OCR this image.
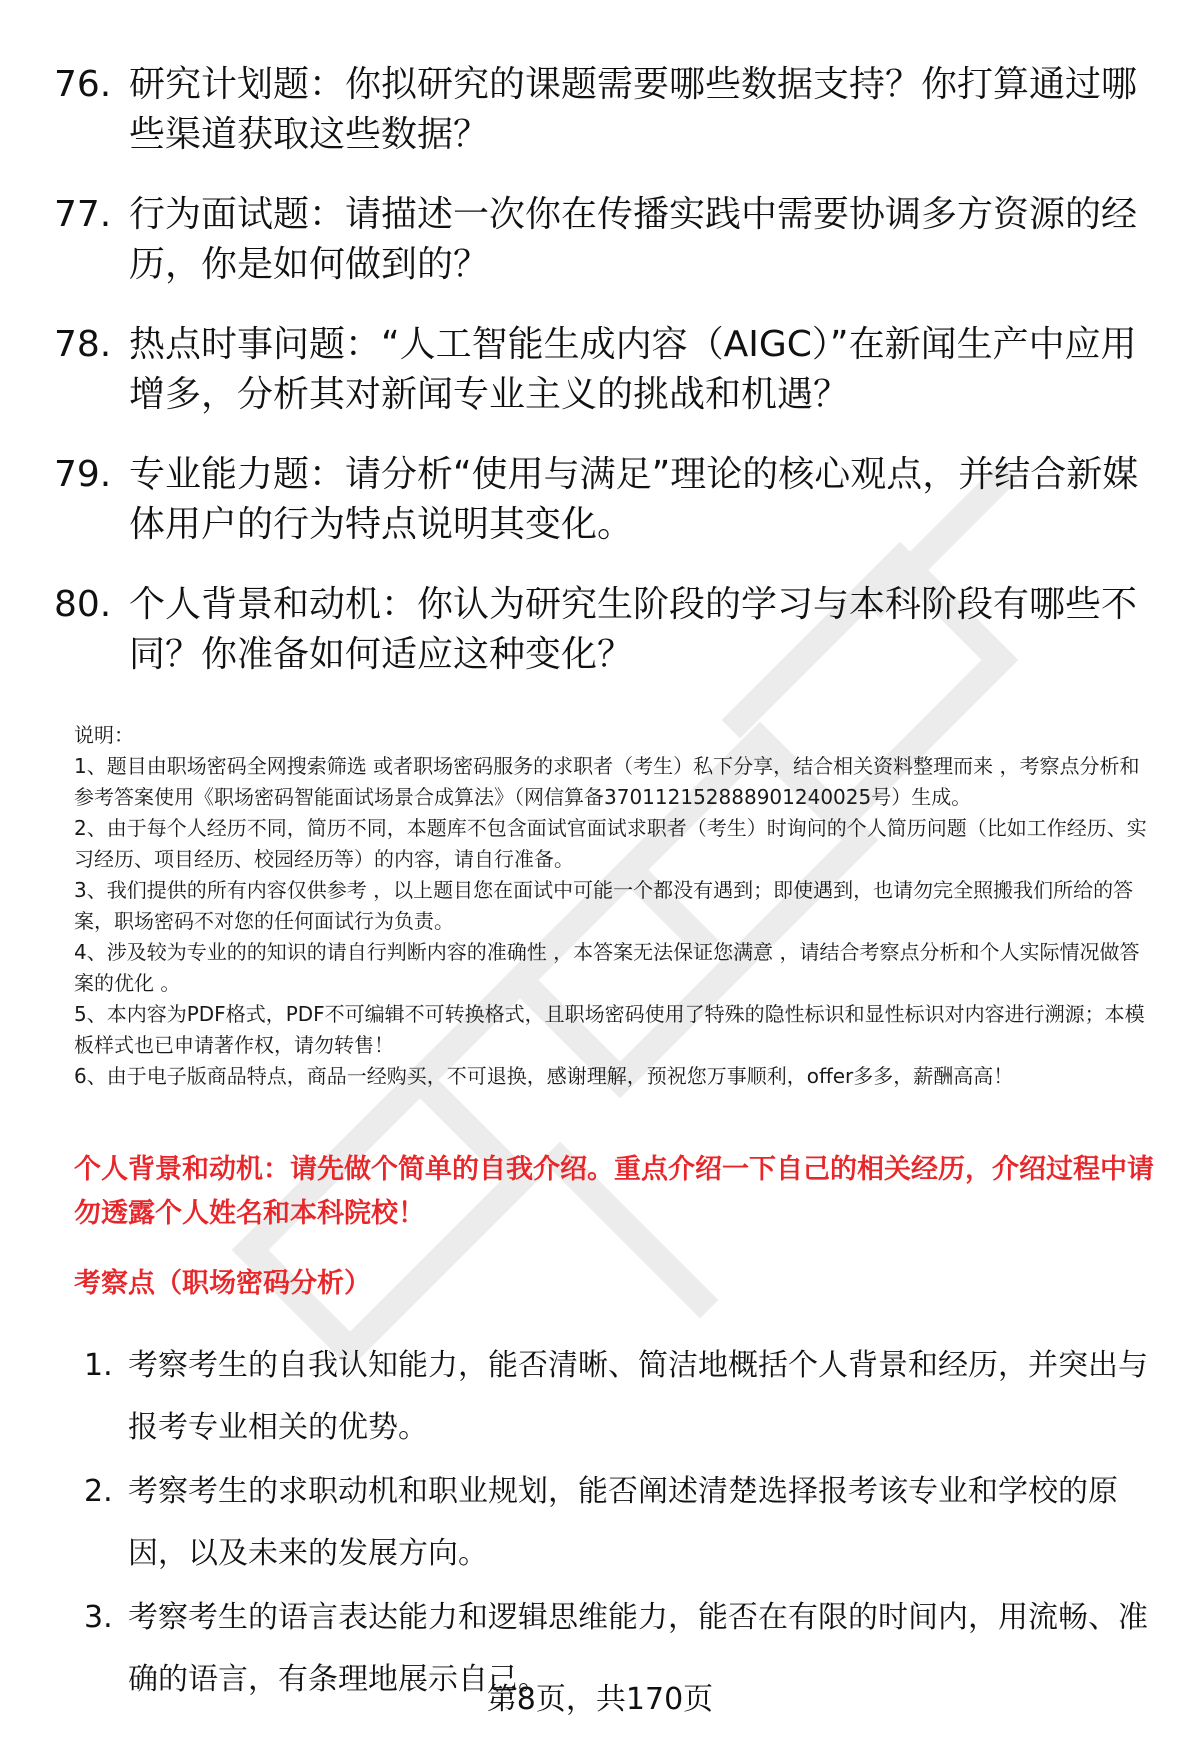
76. 研究计划题：你拟研究的课题需要哪些数据支持？你打算通过哪些渠道获取这些数据？
77. 行为面试题：请描述一次你在传播实践中需要协调多方资源的经历，你是如何做到的？
78. 热点时事问题：“人工智能生成内容（AIGC）”在新闻生产中应用增多，分析其对新闻专业主义的挑战和机遇？
79. 专业能力题：请分析“使用与满足”理论的核心观点，并结合新媒体用户的行为特点说明其变化。
80. 个人背景和动机：你认为研究生阶段的学习与本科阶段有哪些不同？你准备如何适应这种变化？

说明：

1、题目由职场密码全网搜索筛选 或者职场密码服务的求职者（考生）私下分享，结合相关资料整理而来 ，考察点分析和参考答案使用《职场密码智能面试场景合成算法》（网信算备370112152888901240025号）生成。

2、由于每个人经历不同，简历不同，本题库不包含面试官面试求职者（考生）时询问的个人简历问题（比如工作经历、实习经历、项目经历、校园经历等）的内容，请自行准备。

3、我们提供的所有内容仅供参考 ，以上题目您在面试中可能一个都没有遇到；即使遇到，也请勿完全照搬我们所给的答案，职场密码不对您的任何面试行为负责。

4、涉及较为专业的的知识的请自行判断内容的准确性 ，本答案无法保证您满意 ，请结合考察点分析和个人实际情况做答案的优化 。

5、本内容为PDF格式，PDF不可编辑不可转换格式，且职场密码使用了特殊的隐性标识和显性标识对内容进行溯源；本模板样式也已申请著作权，请勿转售！

6、由于电子版商品特点，商品一经购买，不可退换，感谢理解，预祝您万事顺利，offer多多，薪酬高高！

个人背景和动机：请先做个简单的自我介绍。重点介绍一下自己的相关经历，介绍过程中请勿透露个人姓名和本科院校！

考察点（职场密码分析）

1. 考察考生的自我认知能力，能否清晰、简洁地概括个人背景和经历，并突出与报考专业相关的优势。
2. 考察考生的求职动机和职业规划，能否阐述清楚选择报考该专业和学校的原因，以及未来的发展方向。
3. 考察考生的语言表达能力和逻辑思维能力，能否在有限的时间内，用流畅、准确的语言，有条理地展示自己。
第8页，共170页
